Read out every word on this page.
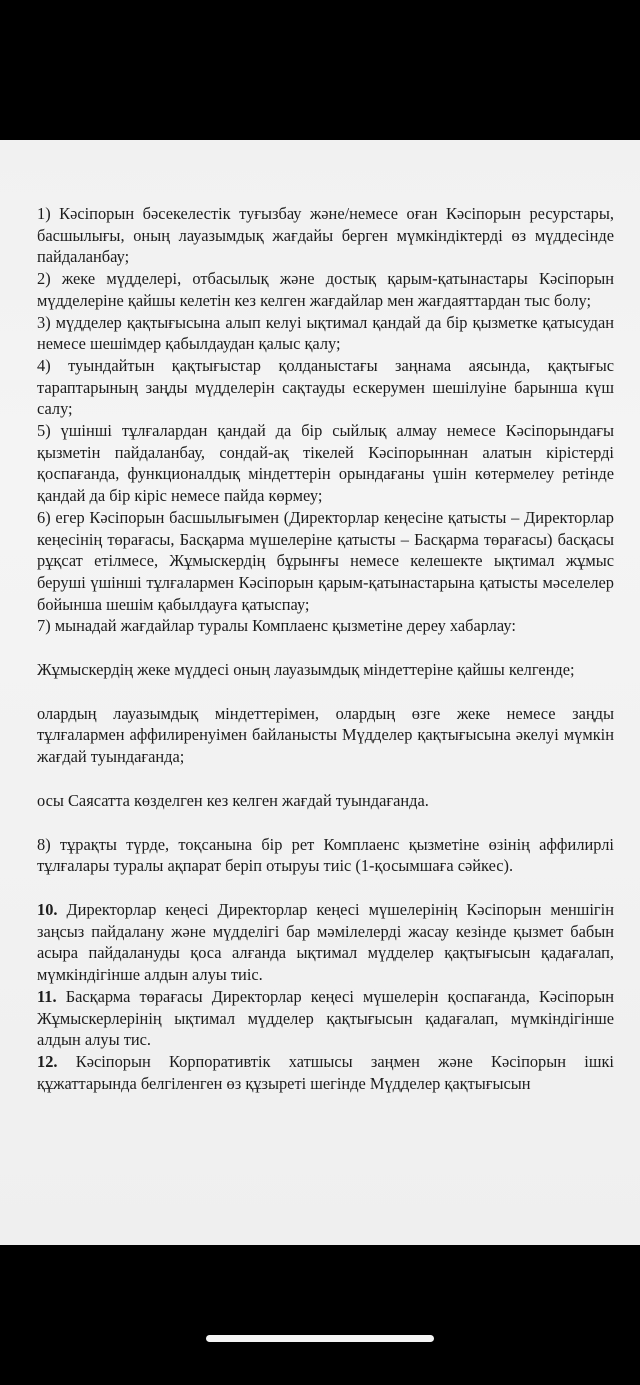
1) Кәсіпорын бәсекелестік туғызбау және/немесе оған Кәсіпорын ресурстары, басшылығы, оның лауазымдық жағдайы берген мүмкіндіктерді өз мүддесінде пайдаланбау;

2) жеке мүдделері, отбасылық және достық қарым-қатынастары Кәсіпорын мүдделеріне қайшы келетін кез келген жағдайлар мен жағдаяттардан тыс болу;

3) мүдделер қақтығысына алып келуі ықтимал қандай да бір қызметке қатысудан немесе шешімдер қабылдаудан қалыс қалу;

4) туындайтын қақтығыстар қолданыстағы заңнама аясында, қақтығыс тараптарының заңды мүдделерін сақтауды ескерумен шешілуіне барынша күш салу;

5) үшінші тұлғалардан қандай да бір сыйлық алмау немесе Кәсіпорындағы қызметін пайдаланбау, сондай-ақ тікелей Кәсіпорыннан алатын кірістерді қоспағанда, функционалдық міндеттерін орындағаны үшін көтермелеу ретінде қандай да бір кіріс немесе пайда көрмеу;

6) егер Кәсіпорын басшылығымен (Директорлар кеңесіне қатысты – Директорлар кеңесінің төрағасы, Басқарма мүшелеріне қатысты – Басқарма төрағасы) басқасы рұқсат етілмесе, Жұмыскердің бұрынғы немесе келешекте ықтимал жұмыс беруші үшінші тұлғалармен Кәсіпорын қарым-қатынастарына қатысты мәселелер бойынша шешім қабылдауға қатыспау;

7) мынадай жағдайлар туралы Комплаенс қызметіне дереу хабарлау:

Жұмыскердің жеке мүддесі оның лауазымдық міндеттеріне қайшы келгенде;

олардың лауазымдық міндеттерімен, олардың өзге жеке немесе заңды тұлғалармен аффилиренуімен байланысты Мүдделер қақтығысына әкелуі мүмкін жағдай туындағанда;

осы Саясатта көзделген кез келген жағдай туындағанда.

8) тұрақты түрде, тоқсанына бір рет Комплаенс қызметіне өзінің аффилирлі тұлғалары туралы ақпарат беріп отыруы тиіс (1-қосымшаға сәйкес).

10. Директорлар кеңесі Директорлар кеңесі мүшелерінің Кәсіпорын меншігін заңсыз пайдалану және мүдделігі бар мәмілелерді жасау кезінде қызмет бабын асыра пайдалануды қоса алғанда ықтимал мүдделер қақтығысын қадағалап, мүмкіндігінше алдын алуы тиіс.

11. Басқарма төрағасы Директорлар кеңесі мүшелерін қоспағанда, Кәсіпорын Жұмыскерлерінің ықтимал мүдделер қақтығысын қадағалап, мүмкіндігінше алдын алуы тис.

12. Кәсіпорын Корпоративтік хатшысы заңмен және Кәсіпорын ішкі құжаттарында белгіленген өз құзыреті шегінде Мүдделер қақтығысын
